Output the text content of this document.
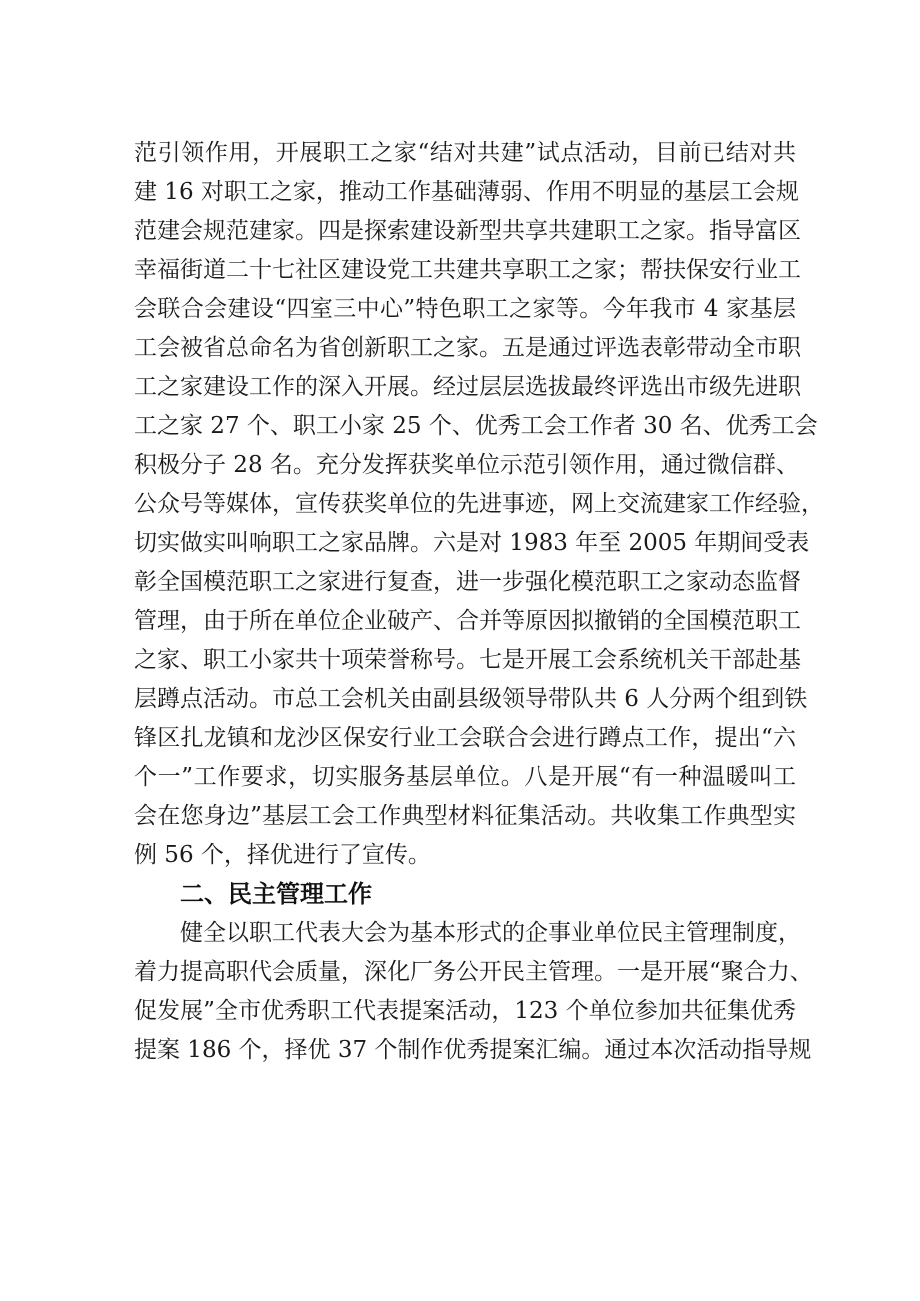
范引领作用，开展职工之家“结对共建”试点活动，目前已结对共
建 16 对职工之家，推动工作基础薄弱、作用不明显的基层工会规
范建会规范建家。四是探索建设新型共享共建职工之家。指导富区
幸福街道二十七社区建设党工共建共享职工之家；帮扶保安行业工
会联合会建设“四室三中心”特色职工之家等。今年我市 4 家基层
工会被省总命名为省创新职工之家。五是通过评选表彰带动全市职
工之家建设工作的深入开展。经过层层选拔最终评选出市级先进职
工之家 27 个、职工小家 25 个、优秀工会工作者 30 名、优秀工会
积极分子 28 名。充分发挥获奖单位示范引领作用，通过微信群、
公众号等媒体，宣传获奖单位的先进事迹，网上交流建家工作经验，
切实做实叫响职工之家品牌。六是对 1983 年至 2005 年期间受表
彰全国模范职工之家进行复查，进一步强化模范职工之家动态监督
管理，由于所在单位企业破产、合并等原因拟撤销的全国模范职工
之家、职工小家共十项荣誉称号。七是开展工会系统机关干部赴基
层蹲点活动。市总工会机关由副县级领导带队共 6 人分两个组到铁
锋区扎龙镇和龙沙区保安行业工会联合会进行蹲点工作，提出“六
个一”工作要求，切实服务基层单位。八是开展“有一种温暖叫工
会在您身边”基层工会工作典型材料征集活动。共收集工作典型实
例 56 个，择优进行了宣传。
二、民主管理工作
健全以职工代表大会为基本形式的企事业单位民主管理制度，
着力提高职代会质量，深化厂务公开民主管理。一是开展“聚合力、
促发展”全市优秀职工代表提案活动，123 个单位参加共征集优秀
提案 186 个，择优 37 个制作优秀提案汇编。通过本次活动指导规
